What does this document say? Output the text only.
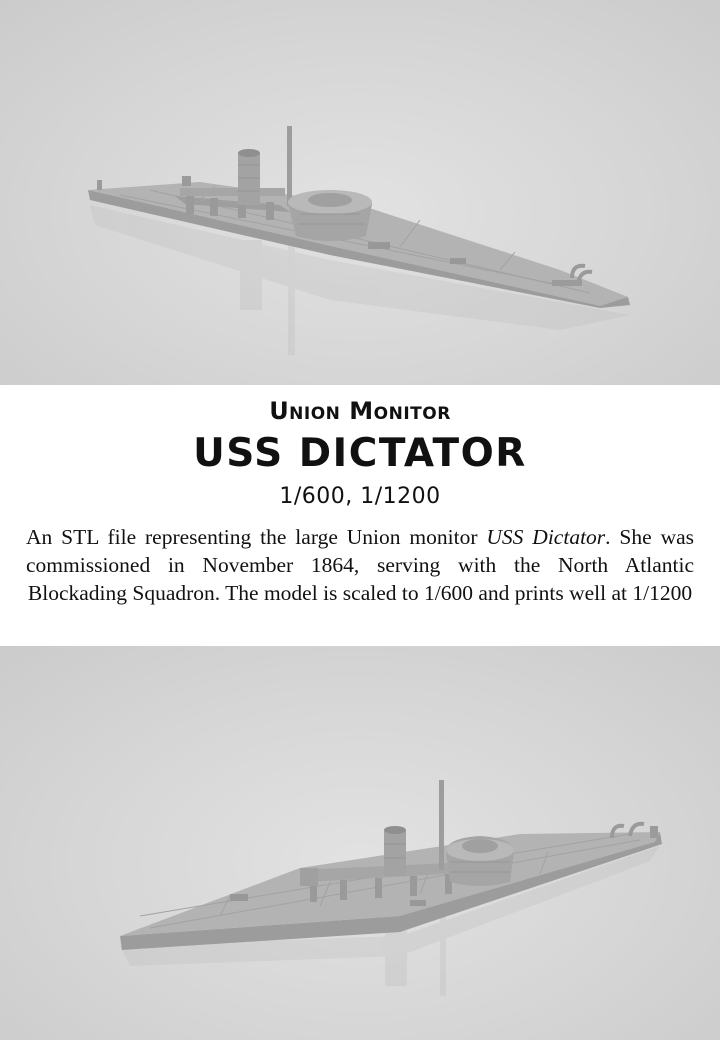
Union Monitor
USS DICTATOR
1/600, 1/1200
An STL file representing the large Union monitor USS Dictator. She was commissioned in November 1864, serving with the North Atlantic Blockading Squadron. The model is scaled to 1/600 and prints well at 1/1200
